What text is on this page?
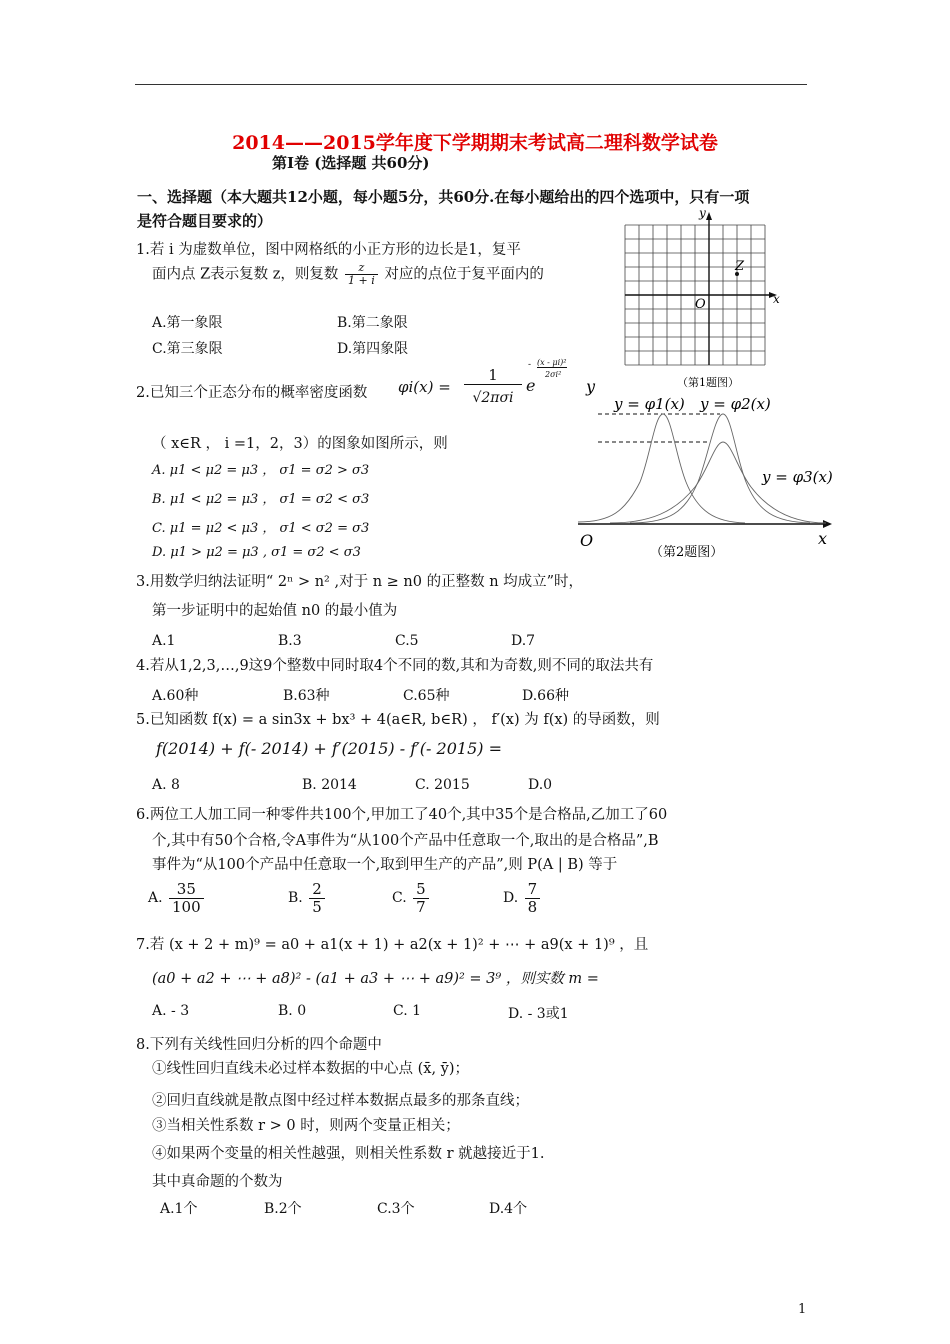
2014——2015学年度下学期期末考试高二理科数学试卷
第Ⅰ卷 (选择题 共60分)
一、选择题（本大题共12小题，每小题5分，共60分.在每小题给出的四个选项中，只有一项
是符合题目要求的）
1.若 i 为虚数单位，图中网格纸的小正方形的边长是1，复平
面内点 Z表示复数 z，则复数 $\frac{z}{1 + i}$ 对应的点位于复平面内的
A.第一象限	B.第二象限
C.第三象限	D.第四象限
x
y
O
Z
（第1题图）
2.已知三个正态分布的概率密度函数 φi(x) =
1
√2πσi
e
- (x - μi)²
2σi²
（ x∈R ， i =1，2，3）的图象如图所示，则
A. μ1 < μ2 = μ3 ， σ1 = σ2 > σ3
B. μ1 < μ2 = μ3 ， σ1 = σ2 < σ3
C. μ1 = μ2 < μ3 ， σ1 < σ2 = σ3
D. μ1 > μ2 = μ3 , σ1 = σ2 < σ3
y
y = φ1(x) y = φ2(x)
y = φ3(x)
O	x
（第2题图）
3.用数学归纳法证明“ 2ⁿ > n² ,对于 n ≥ n0 的正整数 n 均成立”时，
第一步证明中的起始值 n0 的最小值为
A.1	B.3	C.5	D.7
4.若从1,2,3,…,9这9个整数中同时取4个不同的数,其和为奇数,则不同的取法共有
A.60种	B.63种	C.65种	D.66种
5.已知函数 f(x) = a sin3x + bx³ + 4(a∈R, b∈R) ， f′(x) 为 f(x) 的导函数，则
f(2014) + f(- 2014) + f′(2015) - f′(- 2015) =
A. 8	B. 2014	C. 2015	D.0
6.两位工人加工同一种零件共100个,甲加工了40个,其中35个是合格品,乙加工了60
个,其中有50个合格,令A事件为“从100个产品中任意取一个,取出的是合格品”,B
事件为“从100个产品中任意取一个,取到甲生产的产品”,则 P(A | B) 等于
A. $\frac{35}{100}$	B. $\frac{2}{5}$	C. $\frac{5}{7}$	D. $\frac{7}{8}$
7.若 (x + 2 + m)⁹ = a0 + a1(x + 1) + a2(x + 1)² + ⋯ + a9(x + 1)⁹ ，且
(a0 + a2 + ⋯ + a8)² - (a1 + a3 + ⋯ + a9)² = 3⁹ ，则实数 m =
A. - 3	B. 0	C. 1	D. - 3或1
8.下列有关线性回归分析的四个命题中
①线性回归直线未必过样本数据的中心点 (x̄, ȳ)；
②回归直线就是散点图中经过样本数据点最多的那条直线；
③当相关性系数 r > 0 时，则两个变量正相关；
④如果两个变量的相关性越强，则相关性系数 r 就越接近于1.
其中真命题的个数为
A.1个	B.2个	C.3个	D.4个
1
